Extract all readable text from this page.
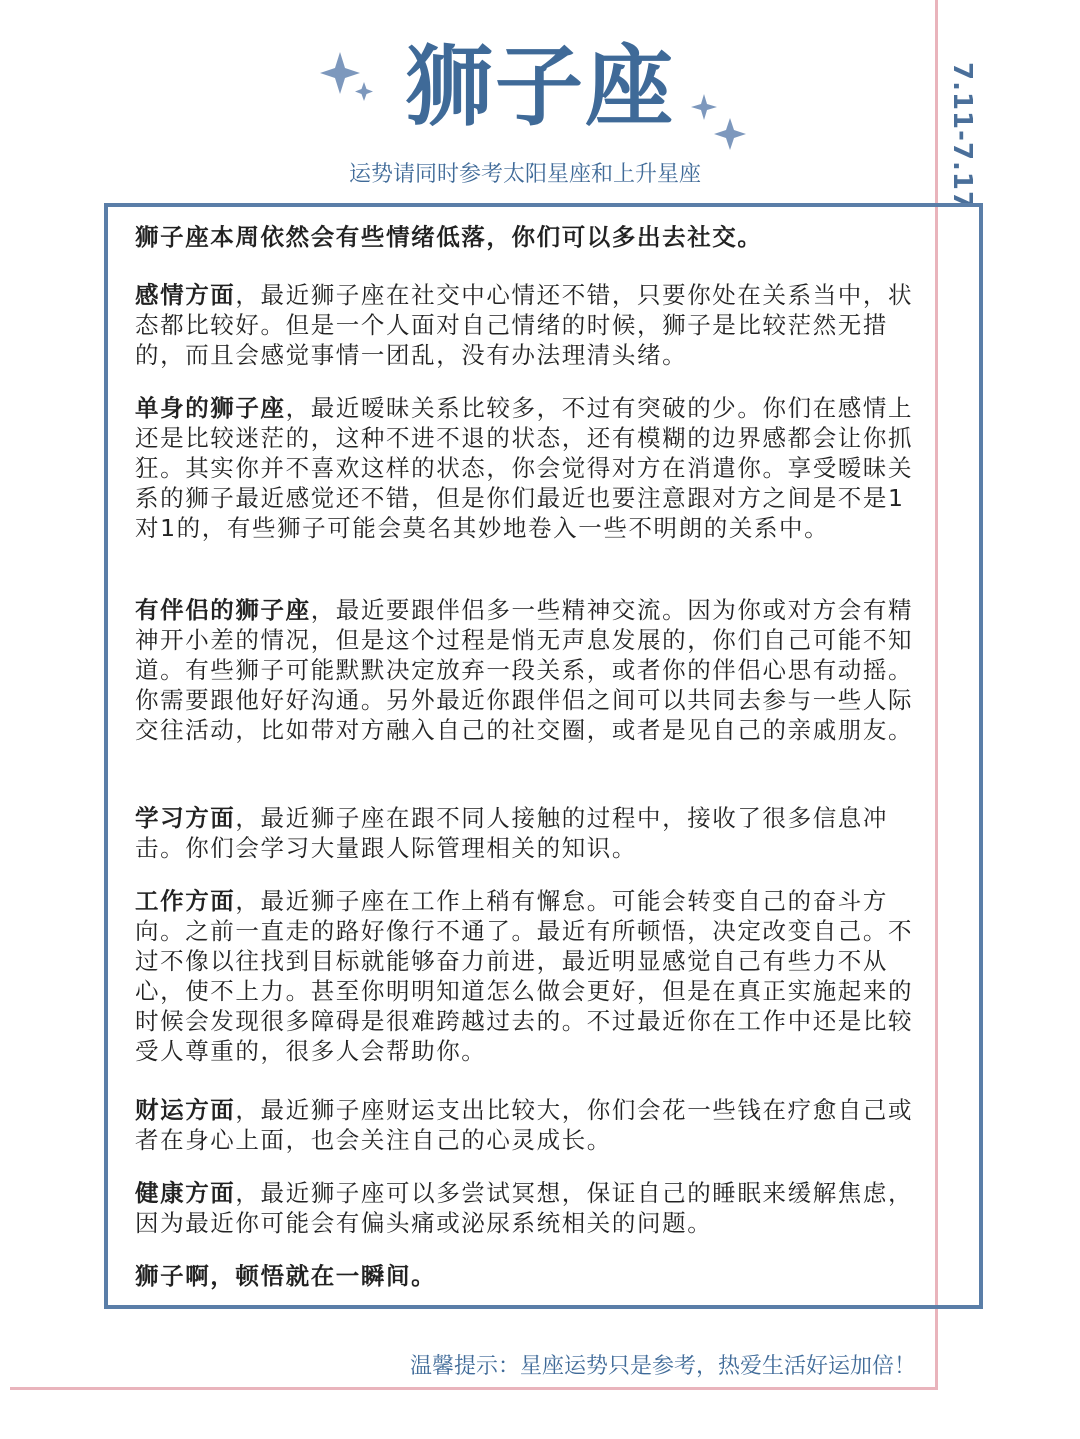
7.11-7.17
狮子座
运势请同时参考太阳星座和上升星座

狮子座本周依然会有些情绪低落，你们可以多出去社交。

感情方面，最近狮子座在社交中心情还不错，只要你处在关系当中，状态都比较好。但是一个人面对自己情绪的时候，狮子是比较茫然无措的，而且会感觉事情一团乱，没有办法理清头绪。

单身的狮子座，最近暧昧关系比较多，不过有突破的少。你们在感情上还是比较迷茫的，这种不进不退的状态，还有模糊的边界感都会让你抓狂。其实你并不喜欢这样的状态，你会觉得对方在消遣你。享受暧昧关系的狮子最近感觉还不错，但是你们最近也要注意跟对方之间是不是1对1的，有些狮子可能会莫名其妙地卷入一些不明朗的关系中。

有伴侣的狮子座，最近要跟伴侣多一些精神交流。因为你或对方会有精神开小差的情况，但是这个过程是悄无声息发展的，你们自己可能不知道。有些狮子可能默默决定放弃一段关系，或者你的伴侣心思有动摇。你需要跟他好好沟通。另外最近你跟伴侣之间可以共同去参与一些人际交往活动，比如带对方融入自己的社交圈，或者是见自己的亲戚朋友。

学习方面，最近狮子座在跟不同人接触的过程中，接收了很多信息冲击。你们会学习大量跟人际管理相关的知识。

工作方面，最近狮子座在工作上稍有懈怠。可能会转变自己的奋斗方向。之前一直走的路好像行不通了。最近有所顿悟，决定改变自己。不过不像以往找到目标就能够奋力前进，最近明显感觉自己有些力不从心，使不上力。甚至你明明知道怎么做会更好，但是在真正实施起来的时候会发现很多障碍是很难跨越过去的。不过最近你在工作中还是比较受人尊重的，很多人会帮助你。

财运方面，最近狮子座财运支出比较大，你们会花一些钱在疗愈自己或者在身心上面，也会关注自己的心灵成长。

健康方面，最近狮子座可以多尝试冥想，保证自己的睡眠来缓解焦虑，因为最近你可能会有偏头痛或泌尿系统相关的问题。

狮子啊，顿悟就在一瞬间。

温馨提示：星座运势只是参考，热爱生活好运加倍！
